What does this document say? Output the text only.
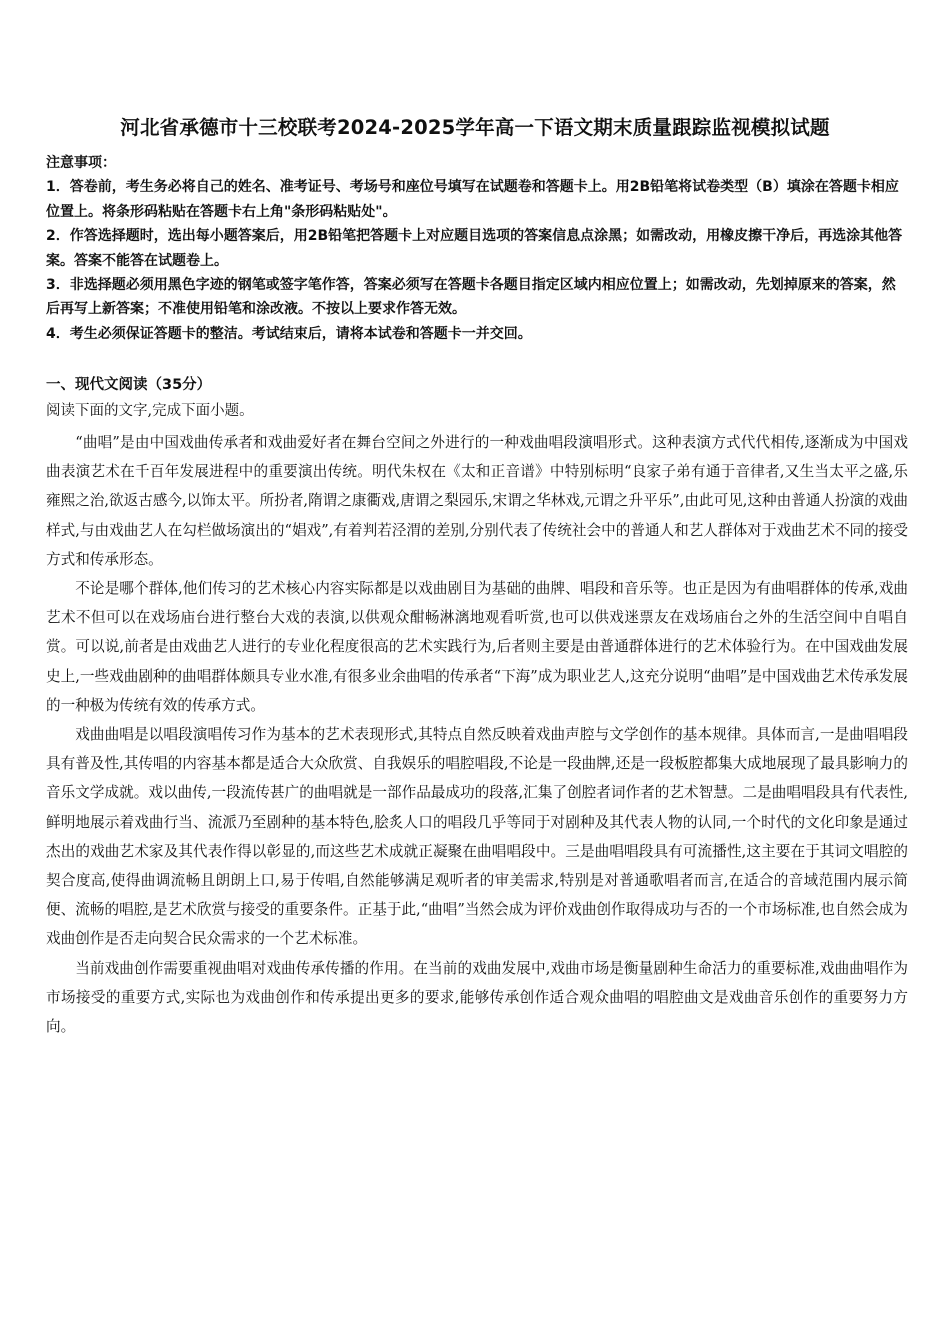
河北省承德市十三校联考2024-2025学年高一下语文期末质量跟踪监视模拟试题

注意事项：

1．答卷前，考生务必将自己的姓名、准考证号、考场号和座位号填写在试题卷和答题卡上。用2B铅笔将试卷类型（B）填涂在答题卡相应位置上。将条形码粘贴在答题卡右上角"条形码粘贴处"。

2．作答选择题时，选出每小题答案后，用2B铅笔把答题卡上对应题目选项的答案信息点涂黑；如需改动，用橡皮擦干净后，再选涂其他答案。答案不能答在试题卷上。

3．非选择题必须用黑色字迹的钢笔或签字笔作答，答案必须写在答题卡各题目指定区域内相应位置上；如需改动，先划掉原来的答案，然后再写上新答案；不准使用铅笔和涂改液。不按以上要求作答无效。

4．考生必须保证答题卡的整洁。考试结束后，请将本试卷和答题卡一并交回。

一、现代文阅读（35分）
阅读下面的文字,完成下面小题。

“曲唱”是由中国戏曲传承者和戏曲爱好者在舞台空间之外进行的一种戏曲唱段演唱形式。这种表演方式代代相传,逐渐成为中国戏曲表演艺术在千百年发展进程中的重要演出传统。明代朱权在《太和正音谱》中特别标明“良家子弟有通于音律者,又生当太平之盛,乐雍熙之治,欲返古感今,以饰太平。所扮者,隋谓之康衢戏,唐谓之梨园乐,宋谓之华林戏,元谓之升平乐”,由此可见,这种由普通人扮演的戏曲样式,与由戏曲艺人在勾栏做场演出的“娼戏”,有着判若泾渭的差别,分别代表了传统社会中的普通人和艺人群体对于戏曲艺术不同的接受方式和传承形态。

不论是哪个群体,他们传习的艺术核心内容实际都是以戏曲剧目为基础的曲牌、唱段和音乐等。也正是因为有曲唱群体的传承,戏曲艺术不但可以在戏场庙台进行整台大戏的表演,以供观众酣畅淋漓地观看听赏,也可以供戏迷票友在戏场庙台之外的生活空间中自唱自赏。可以说,前者是由戏曲艺人进行的专业化程度很高的艺术实践行为,后者则主要是由普通群体进行的艺术体验行为。在中国戏曲发展史上,一些戏曲剧种的曲唱群体颇具专业水准,有很多业余曲唱的传承者“下海”成为职业艺人,这充分说明“曲唱”是中国戏曲艺术传承发展的一种极为传统有效的传承方式。

戏曲曲唱是以唱段演唱传习作为基本的艺术表现形式,其特点自然反映着戏曲声腔与文学创作的基本规律。具体而言,一是曲唱唱段具有普及性,其传唱的内容基本都是适合大众欣赏、自我娱乐的唱腔唱段,不论是一段曲牌,还是一段板腔都集大成地展现了最具影响力的音乐文学成就。戏以曲传,一段流传甚广的曲唱就是一部作品最成功的段落,汇集了创腔者词作者的艺术智慧。二是曲唱唱段具有代表性,鲜明地展示着戏曲行当、流派乃至剧种的基本特色,脍炙人口的唱段几乎等同于对剧种及其代表人物的认同,一个时代的文化印象是通过杰出的戏曲艺术家及其代表作得以彰显的,而这些艺术成就正凝聚在曲唱唱段中。三是曲唱唱段具有可流播性,这主要在于其词文唱腔的契合度高,使得曲调流畅且朗朗上口,易于传唱,自然能够满足观听者的审美需求,特别是对普通歌唱者而言,在适合的音域范围内展示简便、流畅的唱腔,是艺术欣赏与接受的重要条件。正基于此,“曲唱”当然会成为评价戏曲创作取得成功与否的一个市场标准,也自然会成为戏曲创作是否走向契合民众需求的一个艺术标准。

当前戏曲创作需要重视曲唱对戏曲传承传播的作用。在当前的戏曲发展中,戏曲市场是衡量剧种生命活力的重要标准,戏曲曲唱作为市场接受的重要方式,实际也为戏曲创作和传承提出更多的要求,能够传承创作适合观众曲唱的唱腔曲文是戏曲音乐创作的重要努力方向。
